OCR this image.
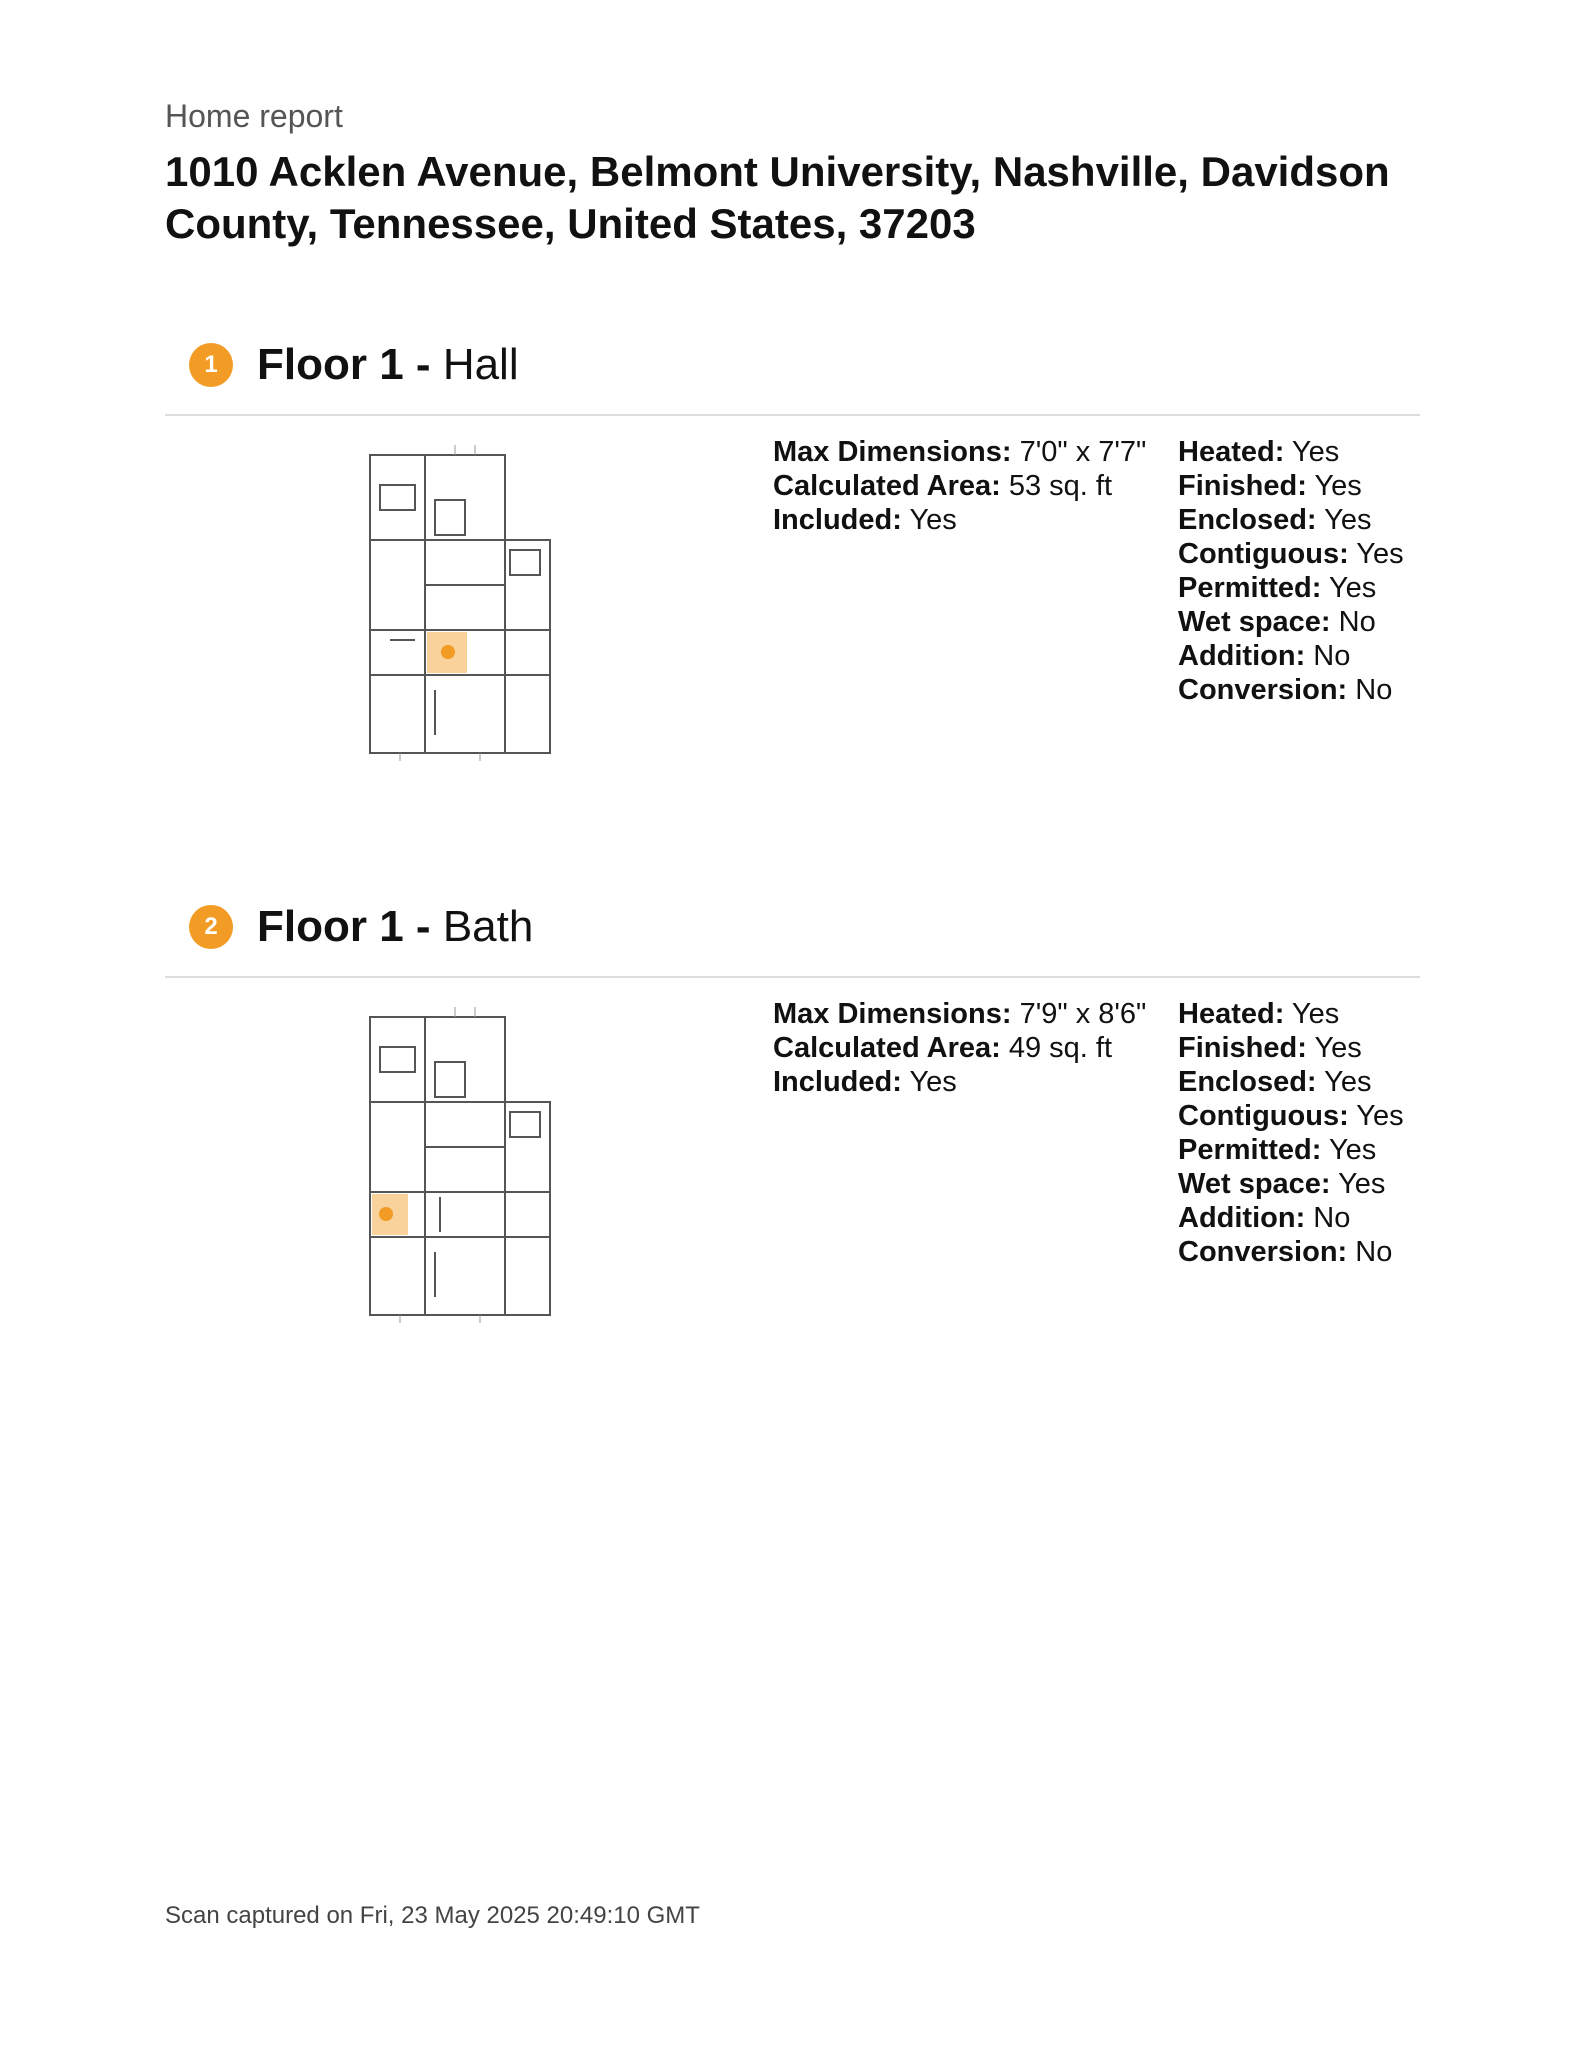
Home report
1010 Acklen Avenue, Belmont University, Nashville, Davidson County, Tennessee, United States, 37203
1 Floor 1 - Hall
Max Dimensions: 7'0" x 7'7"
Calculated Area: 53 sq. ft
Included: Yes
Heated: Yes
Finished: Yes
Enclosed: Yes
Contiguous: Yes
Permitted: Yes
Wet space: No
Addition: No
Conversion: No
2 Floor 1 - Bath
Max Dimensions: 7'9" x 8'6"
Calculated Area: 49 sq. ft
Included: Yes
Heated: Yes
Finished: Yes
Enclosed: Yes
Contiguous: Yes
Permitted: Yes
Wet space: Yes
Addition: No
Conversion: No
Scan captured on Fri, 23 May 2025 20:49:10 GMT
